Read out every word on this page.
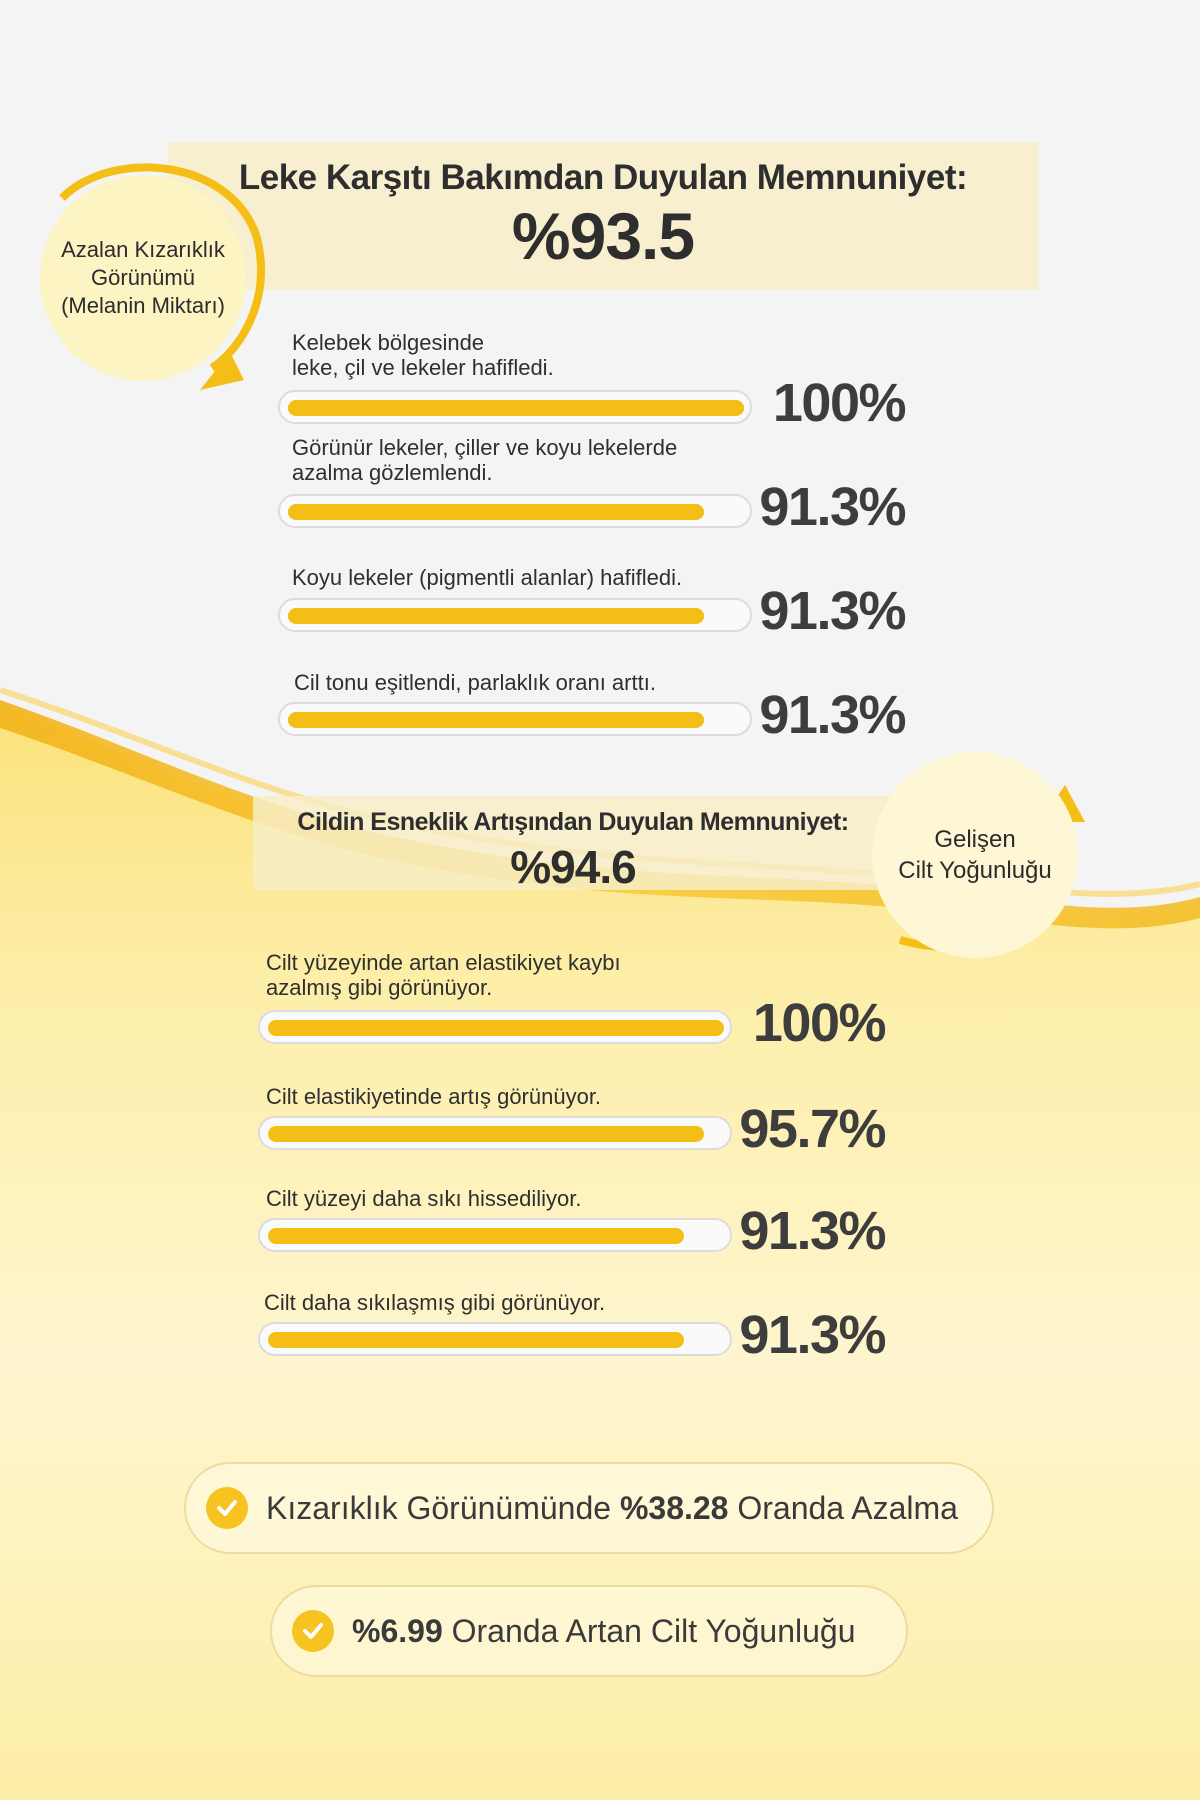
Leke Karşıtı Bakımdan Duyulan Memnuniyet:
%93.5
Azalan Kızarıklık
Görünümü
(Melanin Miktarı)
Kelebek bölgesinde
leke, çil ve lekeler hafifledi.
100%
Görünür lekeler, çiller ve koyu lekelerde
azalma gözlemlendi.
91.3%
Koyu lekeler (pigmentli alanlar) hafifledi.
91.3%
Cil tonu eşitlendi, parlaklık oranı arttı.
91.3%
Cildin Esneklik Artışından Duyulan Memnuniyet:
%94.6
Gelişen
Cilt Yoğunluğu
Cilt yüzeyinde artan elastikiyet kaybı
azalmış gibi görünüyor.
100%
Cilt elastikiyetinde artış görünüyor.
95.7%
Cilt yüzeyi daha sıkı hissediliyor.
91.3%
Cilt daha sıkılaşmış gibi görünüyor.
91.3%
Kızarıklık Görünümünde %38.28 Oranda Azalma
%6.99 Oranda Artan Cilt Yoğunluğu
